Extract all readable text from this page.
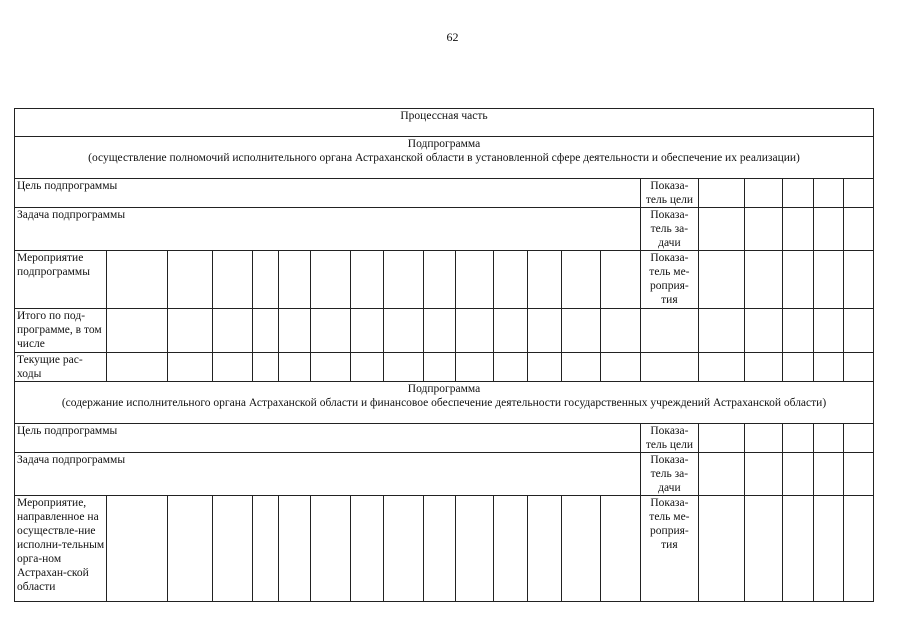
62
Процессная часть																				

Подпрограмма
(осуществление полномочий исполнительного органа Астраханской области в установленной сфере деятельности и обеспечение их реализации)																				

Цель подпрограммы															Показа-тель цели					
Задача подпрограммы															Показа-тель за-дачи					
Мероприятие подпрограммы															Показа-тель ме-роприя-тия					
Итого по под-программе, в том числе																				
Текущие рас-ходы																				

Подпрограмма
(содержание исполнительного органа Астраханской области и финансовое обеспечение деятельности государственных учреждений Астраханской области)																				

Цель подпрограммы															Показа-тель цели					
Задача подпрограммы															Показа-тель за-дачи					
Мероприятие, направленное на осуществле-ние исполни-тельным орга-ном Астрахан-ской области															Показа-тель ме-роприя-тия					
